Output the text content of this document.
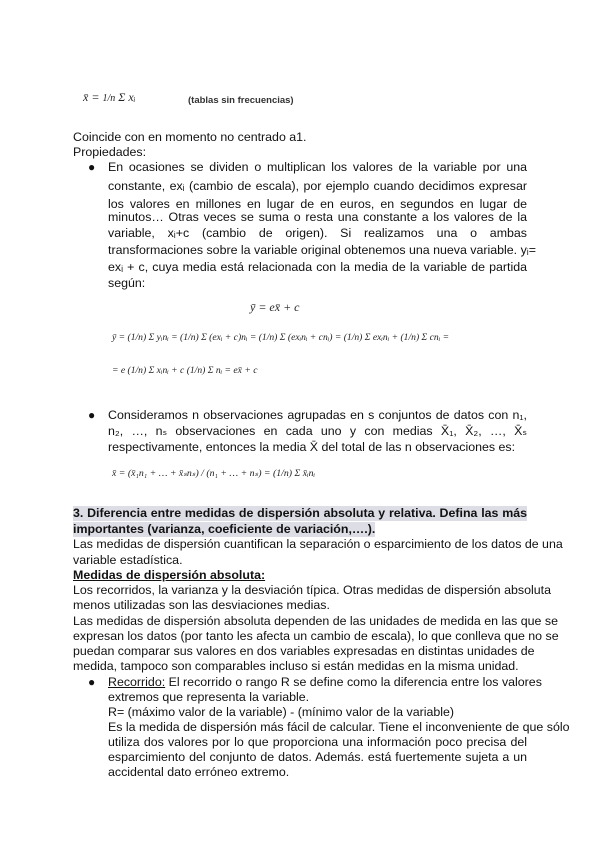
x̄ = 1/n Σ xᵢ	(tablas sin frecuencias)
Coincide con en momento no centrado a1.
Propiedades:
● En ocasiones se dividen o multiplican los valores de la variable por una
constante, exᵢ (cambio de escala), por ejemplo cuando decidimos expresar
los valores en millones en lugar de en euros, en segundos en lugar de
minutos… Otras veces se suma o resta una constante a los valores de la
variable, xᵢ+c (cambio de origen). Si realizamos una o ambas
transformaciones sobre la variable original obtenemos una nueva variable. yᵢ=
exᵢ + c, cuya media está relacionada con la media de la variable de partida
según:
ȳ = ex̄ + c
ȳ = (1/n) Σ yᵢnᵢ = (1/n) Σ (exᵢ + c)nᵢ = (1/n) Σ (exᵢnᵢ + cnᵢ) = (1/n) Σ exᵢnᵢ + (1/n) Σ cnᵢ =
= e (1/n) Σ xᵢnᵢ + c (1/n) Σ nᵢ = ex̄ + c
● Consideramos n observaciones agrupadas en s conjuntos de datos con n₁,
n₂, …, nₛ observaciones en cada uno y con medias X̄₁, X̄₂, …, X̄ₛ
respectivamente, entonces la media X̄ del total de las n observaciones es:
x̄ = (x̄₁n₁ + … + x̄ₛnₛ) / (n₁ + … + nₛ) = (1/n) Σ x̄ᵢnᵢ
3. Diferencia entre medidas de dispersión absoluta y relativa. Defina las más
importantes (varianza, coeficiente de variación,….).
Las medidas de dispersión cuantifican la separación o esparcimiento de los datos de una
variable estadística.
Medidas de dispersión absoluta:
Los recorridos, la varianza y la desviación típica. Otras medidas de dispersión absoluta
menos utilizadas son las desviaciones medias.
Las medidas de dispersión absoluta dependen de las unidades de medida en las que se
expresan los datos (por tanto les afecta un cambio de escala), lo que conlleva que no se
puedan comparar sus valores en dos variables expresadas en distintas unidades de
medida, tampoco son comparables incluso si están medidas en la misma unidad.
● Recorrido: El recorrido o rango R se define como la diferencia entre los valores
extremos que representa la variable.
R= (máximo valor de la variable) - (mínimo valor de la variable)
Es la medida de dispersión más fácil de calcular. Tiene el inconveniente de que sólo
utiliza dos valores por lo que proporciona una información poco precisa del
esparcimiento del conjunto de datos. Además. está fuertemente sujeta a un
accidental dato erróneo extremo.
